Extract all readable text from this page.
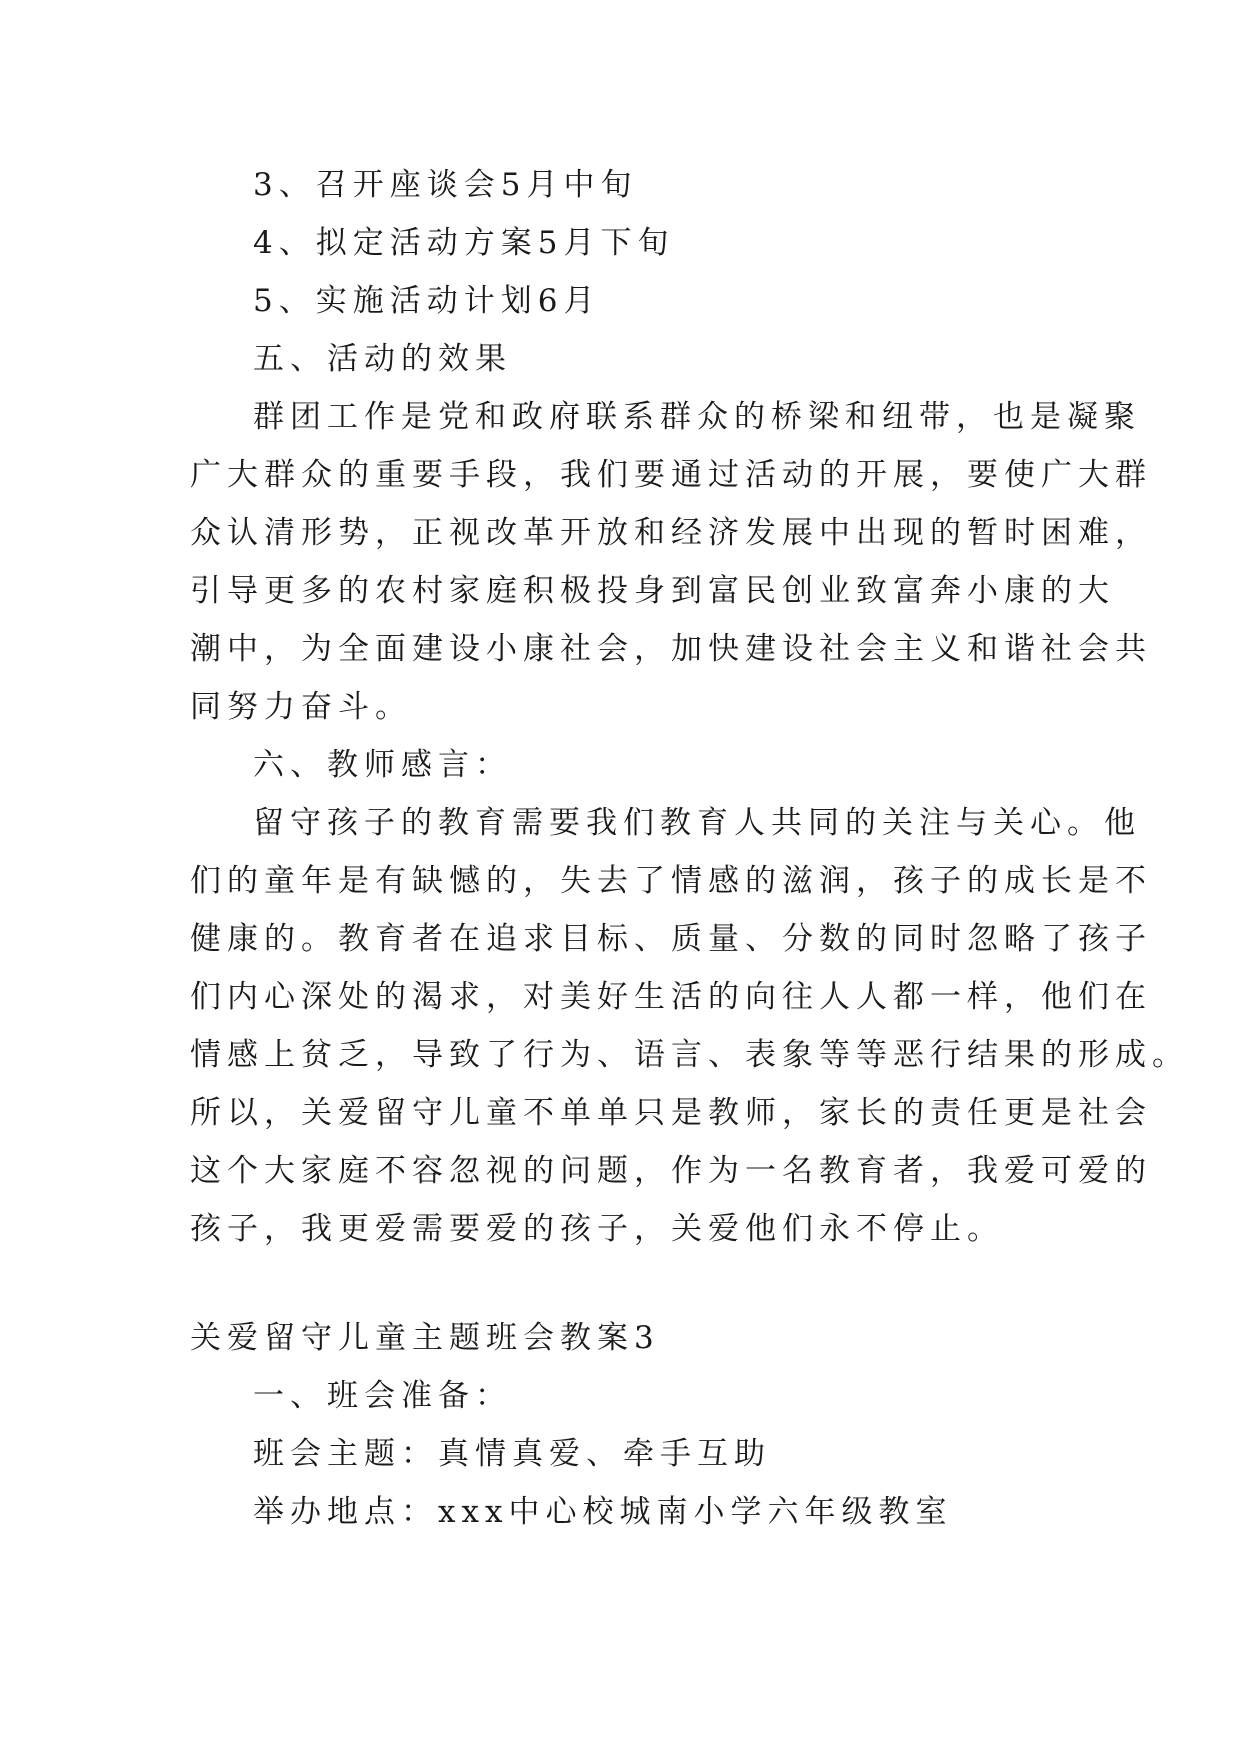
3、召开座谈会5月中旬
4、拟定活动方案5月下旬
5、实施活动计划6月
五、活动的效果
群团工作是党和政府联系群众的桥梁和纽带，也是凝聚
广大群众的重要手段，我们要通过活动的开展，要使广大群
众认清形势，正视改革开放和经济发展中出现的暂时困难，
引导更多的农村家庭积极投身到富民创业致富奔小康的大
潮中，为全面建设小康社会，加快建设社会主义和谐社会共
同努力奋斗。
六、教师感言：
留守孩子的教育需要我们教育人共同的关注与关心。他
们的童年是有缺憾的，失去了情感的滋润，孩子的成长是不
健康的。教育者在追求目标、质量、分数的同时忽略了孩子
们内心深处的渴求，对美好生活的向往人人都一样，他们在
情感上贫乏，导致了行为、语言、表象等等恶行结果的形成。
所以，关爱留守儿童不单单只是教师，家长的责任更是社会
这个大家庭不容忽视的问题，作为一名教育者，我爱可爱的
孩子，我更爱需要爱的孩子，关爱他们永不停止。
关爱留守儿童主题班会教案3
一、班会准备：
班会主题：真情真爱、牵手互助
举办地点：xxx中心校城南小学六年级教室
